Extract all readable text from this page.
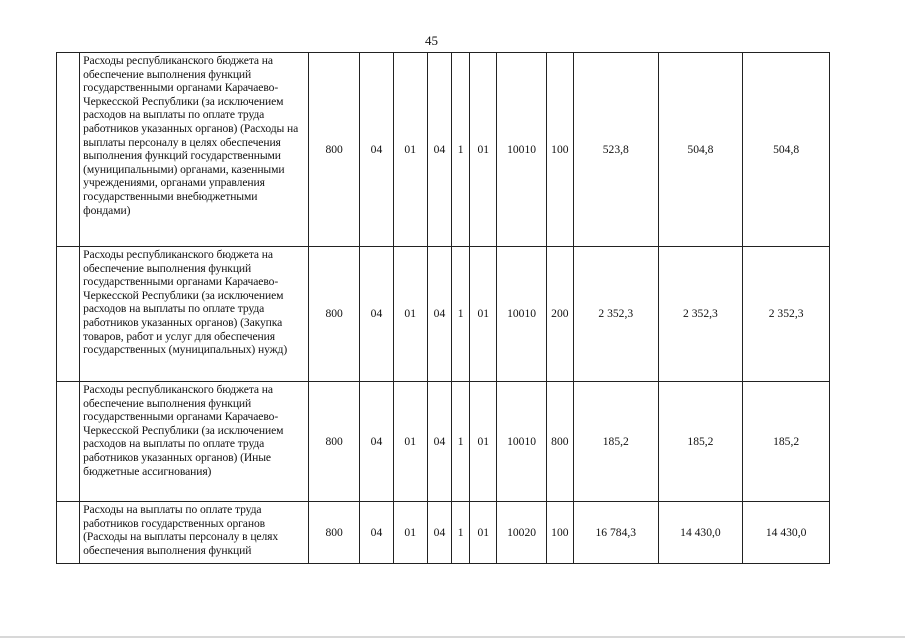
45
	Расходы республиканского бюджета на обеспечение выполнения функций государственными органами Карачаево-Черкесской Республики (за исключением расходов на выплаты по оплате труда работников указанных органов) (Расходы на выплаты персоналу в целях обеспечения выполнения функций государственными (муниципальными) органами, казенными учреждениями, органами управления государственными внебюджетными фондами)	800	04	01	04	1	01	10010	100	523,8	504,8	504,8
	Расходы республиканского бюджета на обеспечение выполнения функций государственными органами Карачаево-Черкесской Республики (за исключением расходов на выплаты по оплате труда работников указанных органов) (Закупка товаров, работ и услуг для обеспечения государственных (муниципальных) нужд)	800	04	01	04	1	01	10010	200	2 352,3	2 352,3	2 352,3
	Расходы республиканского бюджета на обеспечение выполнения функций государственными органами Карачаево-Черкесской Республики (за исключением расходов на выплаты по оплате труда работников указанных органов) (Иные бюджетные ассигнования)	800	04	01	04	1	01	10010	800	185,2	185,2	185,2
	Расходы на выплаты по оплате труда работников государственных органов (Расходы на выплаты персоналу в целях обеспечения выполнения функций	800	04	01	04	1	01	10020	100	16 784,3	14 430,0	14 430,0
